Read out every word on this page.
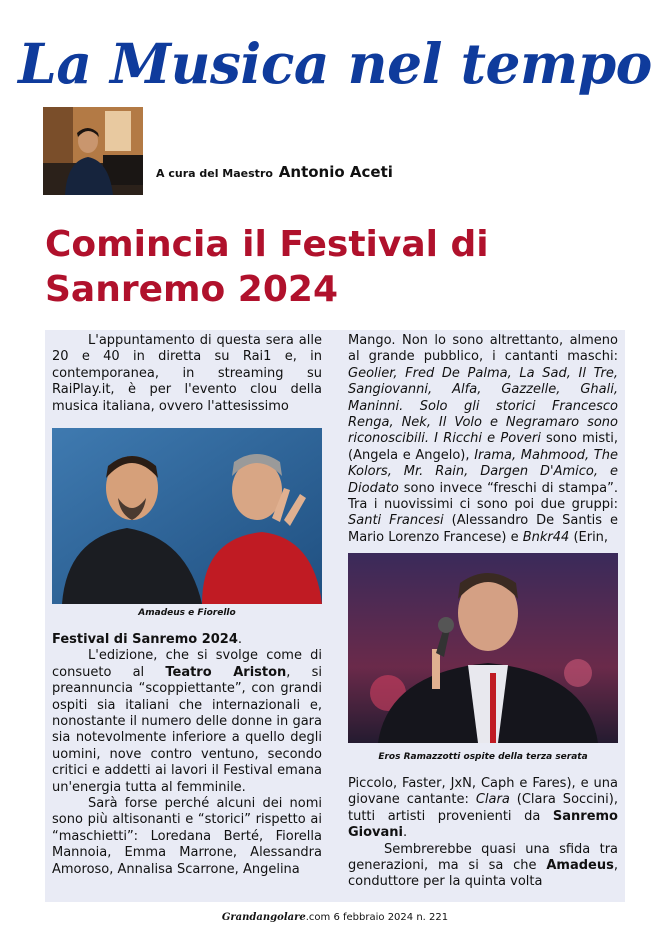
La Musica nel tempo
A cura del Maestro Antonio Aceti
Comincia il Festival di Sanremo 2024

L'appuntamento di questa sera alle 20 e 40 in diretta su Rai1 e, in contemporanea, in streaming su RaiPlay.it, è per l'evento clou della musica italiana, ovvero l'attesissimo

Amadeus e Fiorello

Festival di Sanremo 2024.

L'edizione, che si svolge come di consueto al Teatro Ariston, si preannuncia “scoppiettante”, con grandi ospiti sia italiani che internazionali e, nonostante il numero delle donne in gara sia notevolmente inferiore a quello degli uomini, nove contro ventuno, secondo critici e addetti ai lavori il Festival emana un'energia tutta al femminile.

Sarà forse perché alcuni dei nomi sono più altisonanti e “storici” rispetto ai “maschietti”: Loredana Berté, Fiorella Mannoia, Emma Marrone, Alessandra Amoroso, Annalisa Scarrone, Angelina

Mango. Non lo sono altrettanto, almeno al grande pubblico, i cantanti maschi: Geolier, Fred De Palma, La Sad, Il Tre, Sangiovanni, Alfa, Gazzelle, Ghali, Maninni. Solo gli storici Francesco Renga, Nek, Il Volo e Negramaro sono riconoscibili. I Ricchi e Poveri sono misti, (Angela e Angelo), Irama, Mahmood, The Kolors, Mr. Rain, Dargen D'Amico, e Diodato sono invece “freschi di stampa”. Tra i nuovissimi ci sono poi due gruppi: Santi Francesi (Alessandro De Santis e Mario Lorenzo Francese) e Bnkr44 (Erin,

Eros Ramazzotti ospite della terza serata

Piccolo, Faster, JxN, Caph e Fares), e una giovane cantante: Clara (Clara Soccini), tutti artisti provenienti da Sanremo Giovani.

Sembrerebbe quasi una sfida tra generazioni, ma si sa che Amadeus, conduttore per la quinta volta

Grandangolare.com 6 febbraio 2024 n. 221
